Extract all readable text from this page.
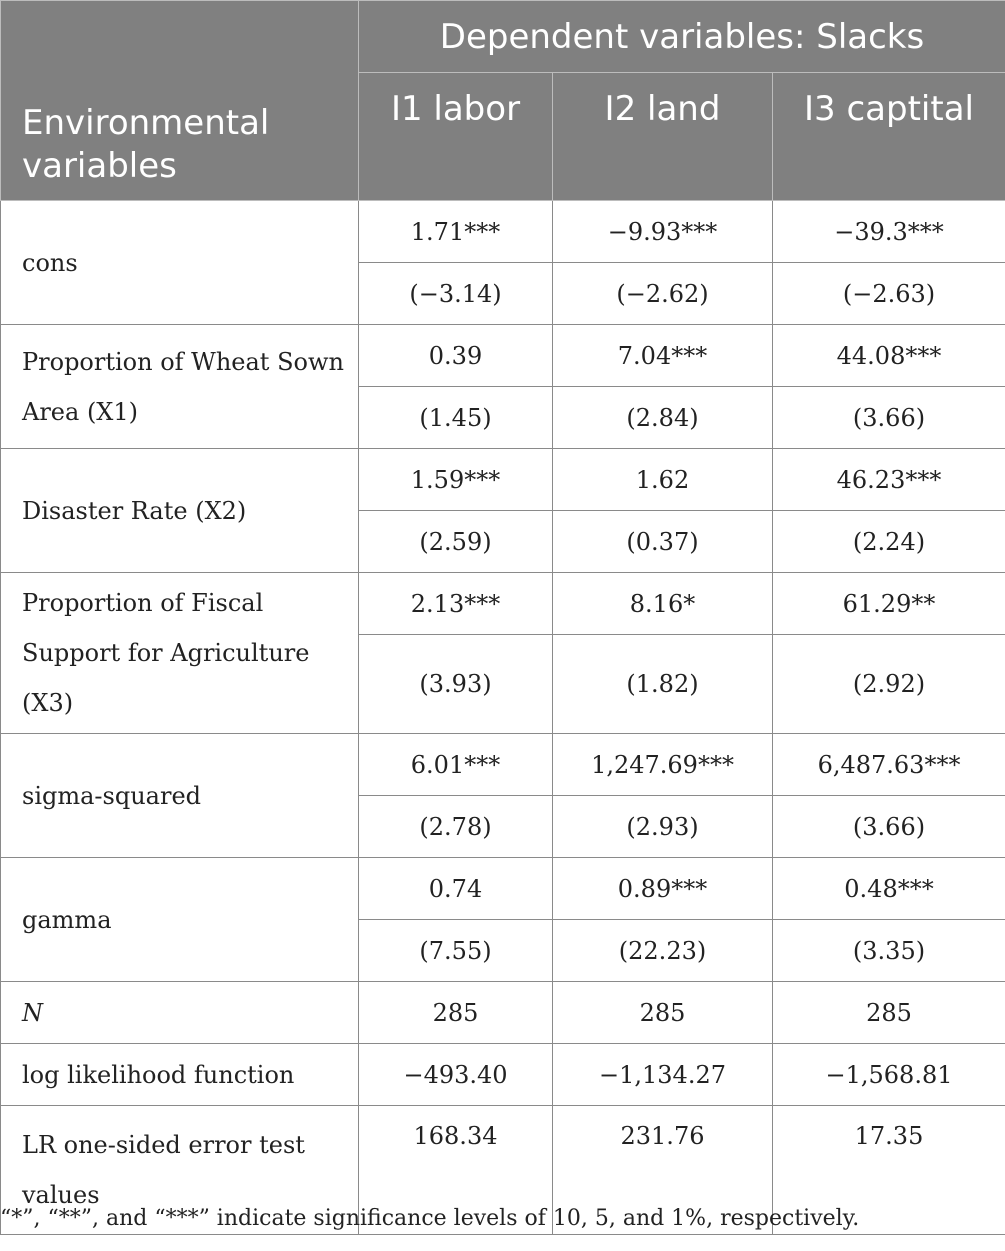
Environmental
variables	Dependent variables: Slacks		
	I1 labor	I2 land	I3 captital
cons	1.71***	−9.93***	−39.3***
	(−3.14)	(−2.62)	(−2.63)
Proportion of Wheat Sown Area (X1)	0.39	7.04***	44.08***
	(1.45)	(2.84)	(3.66)
Disaster Rate (X2)	1.59***	1.62	46.23***
	(2.59)	(0.37)	(2.24)
Proportion of Fiscal Support for Agriculture (X3)	2.13***	8.16*	61.29**
	(3.93)	(1.82)	(2.92)
sigma-squared	6.01***	1,247.69***	6,487.63***
	(2.78)	(2.93)	(3.66)
gamma	0.74	0.89***	0.48***
	(7.55)	(22.23)	(3.35)
N	285	285	285
log likelihood function	−493.40	−1,134.27	−1,568.81
LR one-sided error test values	168.34	231.76	17.35
“*”, “**”, and “***” indicate significance levels of 10, 5, and 1%, respectively.
